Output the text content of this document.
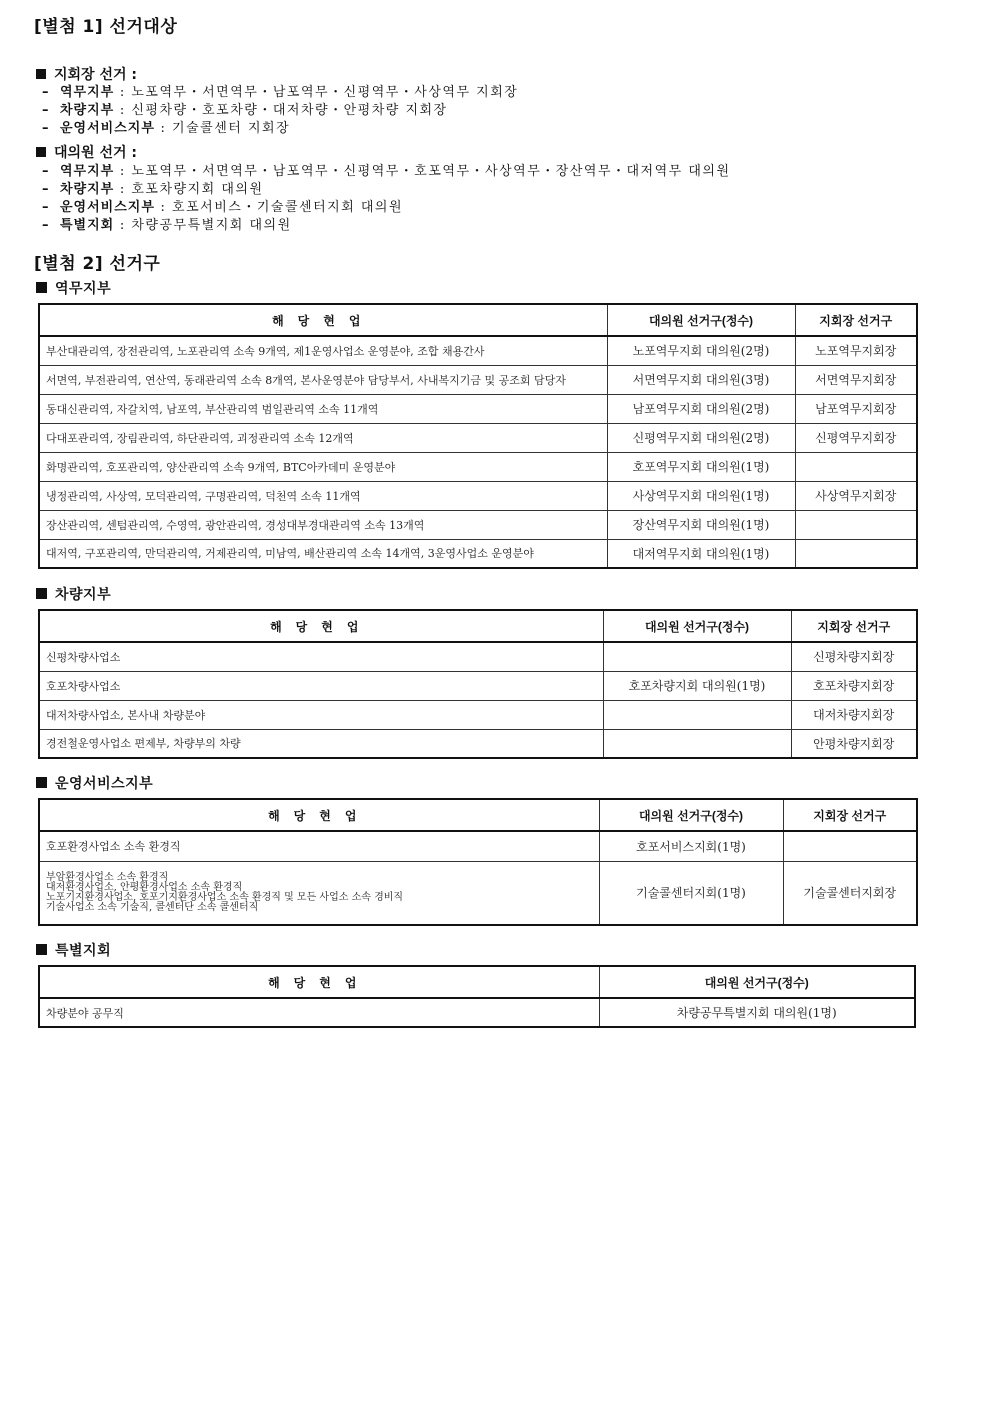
[별첨 1] 선거대상
지회장 선거 :
– 역무지부 : 노포역무・서면역무・남포역무・신평역무・사상역무 지회장
– 차량지부 : 신평차량・호포차량・대저차량・안평차량 지회장
– 운영서비스지부 : 기술콜센터 지회장
대의원 선거 :
– 역무지부 : 노포역무・서면역무・남포역무・신평역무・호포역무・사상역무・장산역무・대저역무 대의원
– 차량지부 : 호포차량지회 대의원
– 운영서비스지부 : 호포서비스・기술콜센터지회 대의원
– 특별지회 : 차량공무특별지회 대의원
[별첨 2] 선거구
역무지부
해당현업	대의원 선거구(정수)	지회장 선거구
부산대관리역, 장전관리역, 노포관리역 소속 9개역, 제1운영사업소 운영분야, 조합 채용간사	노포역무지회 대의원(2명)	노포역무지회장
서면역, 부전관리역, 연산역, 동래관리역 소속 8개역, 본사운영분야 담당부서, 사내복지기금 및 공조회 담당자	서면역무지회 대의원(3명)	서면역무지회장
동대신관리역, 자갈치역, 남포역, 부산관리역 범일관리역 소속 11개역	남포역무지회 대의원(2명)	남포역무지회장
다대포관리역, 장림관리역, 하단관리역, 괴정관리역 소속 12개역	신평역무지회 대의원(2명)	신평역무지회장
화명관리역, 호포관리역, 양산관리역 소속 9개역, BTC아카데미 운영분야	호포역무지회 대의원(1명)	
냉정관리역, 사상역, 모덕관리역, 구명관리역, 덕천역 소속 11개역	사상역무지회 대의원(1명)	사상역무지회장
장산관리역, 센텀관리역, 수영역, 광안관리역, 경성대부경대관리역 소속 13개역	장산역무지회 대의원(1명)	
대저역, 구포관리역, 만덕관리역, 거제관리역, 미남역, 배산관리역 소속 14개역, 3운영사업소 운영분야	대저역무지회 대의원(1명)	
차량지부
해당현업	대의원 선거구(정수)	지회장 선거구
신평차량사업소		신평차량지회장
호포차량사업소	호포차량지회 대의원(1명)	호포차량지회장
대저차량사업소, 본사내 차량분야		대저차량지회장
경전철운영사업소 편제부, 차량부의 차량		안평차량지회장
운영서비스지부
해당현업	대의원 선거구(정수)	지회장 선거구
호포환경사업소 소속 환경직	호포서비스지회(1명)	

부암환경사업소 소속 환경직
대저환경사업소, 안평환경사업소 소속 환경직
노포기지환경사업소, 호포기지환경사업소 소속 환경직 및 모든 사업소 소속 경비직
기술사업소 소속 기술직, 콜센터단 소속 콜센터직	기술콜센터지회(1명)	기술콜센터지회장
특별지회
해당현업	대의원 선거구(정수)
차량분야 공무직	차량공무특별지회 대의원(1명)
